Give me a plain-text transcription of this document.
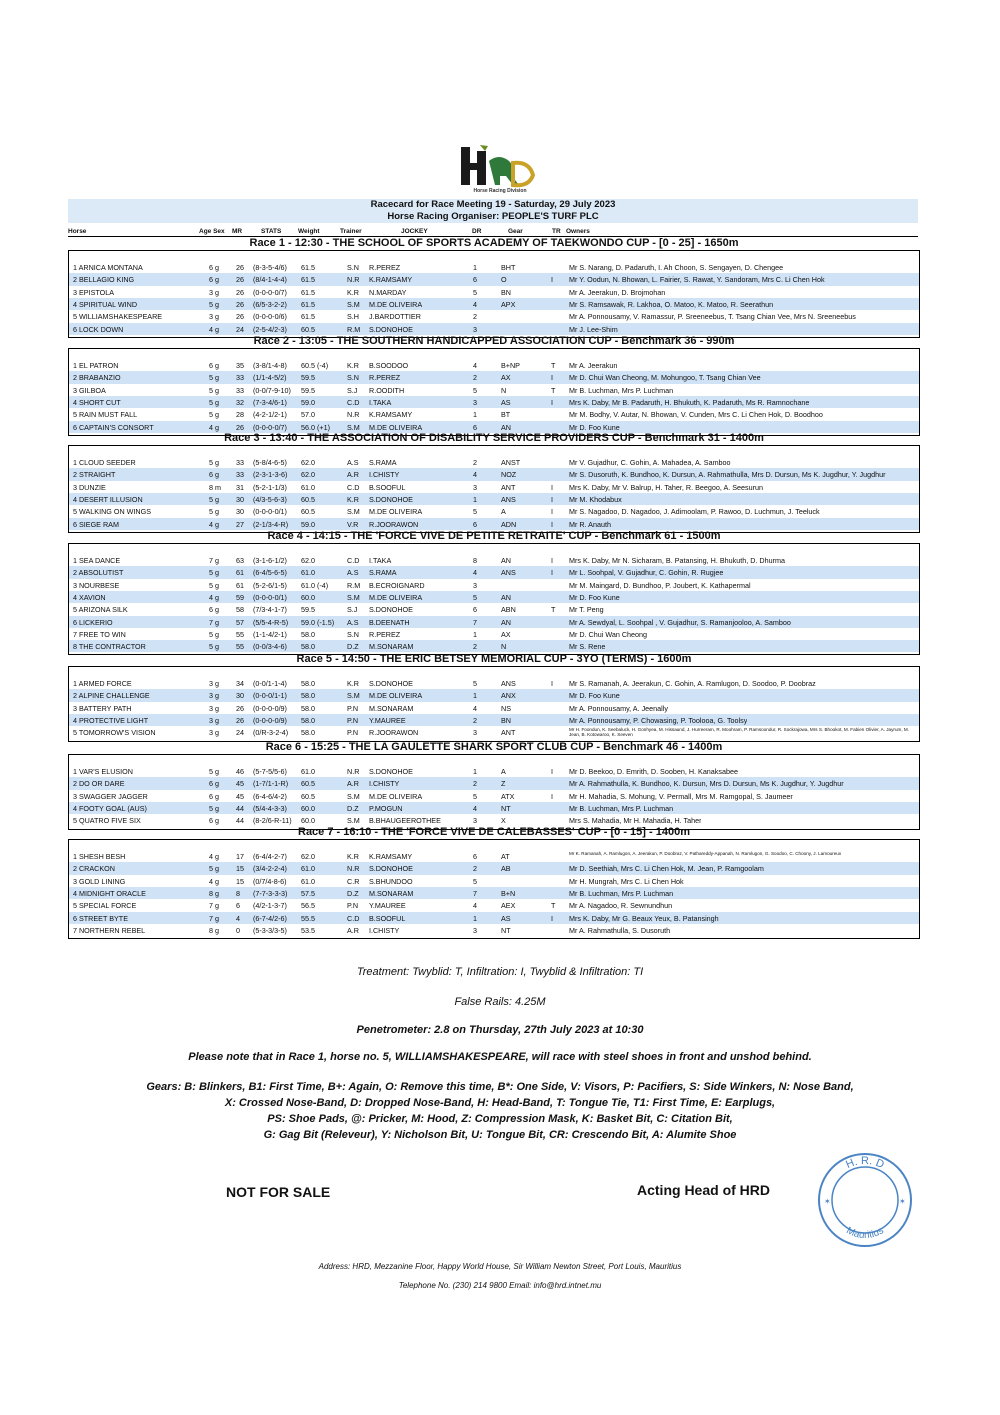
Horse Racing Division
Racecard for Race Meeting 19 - Saturday, 29 July 2023
Horse Racing Organiser: PEOPLE'S TURF PLC
Horse	Age Sex MR	STATS	Weight	Trainer	JOCKEY	DR	Gear	TR Owners
Race 1 - 12:30 - THE SCHOOL OF SPORTS ACADEMY OF TAEKWONDO CUP - [0 - 25] - 1650m
1 ARNICA MONTANA	6 g 26 (8-3-5-4/6) 61.5	S.N R.PEREZ	1	BHT	Mr S. Narang, D. Padaruth, I. Ah Choon, S. Sengayen, D. Chengee
2 BELLAGIO KING	6 g 26 (8/4-1-4-4) 61.5	N.R K.RAMSAMY	6	O	I Mr Y. Oodun, N. Bhowan, L. Fairier, S. Rawat, Y. Sandoram, Mrs C. Li Chen Hok
3 EPISTOLA	3 g 26 (0-0-0-0/7) 61.5	K.R N.MARDAY	5	BN	Mr A. Jeerakun, D. Brojmohan
4 SPIRITUAL WIND	5 g 26 (6/5-3-2-2) 61.5	S.M M.DE OLIVEIRA	4	APX	Mr S. Ramsawak, R. Lakhoa, O. Matoo, K. Matoo, R. Seerathun
5 WILLIAMSHAKESPEARE	3 g 26 (0-0-0-0/6) 61.5	S.H J.BARDOTTIER	2	Mr A. Ponnousamy, V. Ramassur, P. Sreeneebus, T. Tsang Chian Vee, Mrs N. Sreeneebus
6 LOCK DOWN	4 g 24 (2-5-4/2-3) 60.5	R.M S.DONOHOE	3	Mr J. Lee-Shim
Race 2 - 13:05 - THE SOUTHERN HANDICAPPED ASSOCIATION CUP - Benchmark 36 - 990m
1 EL PATRON	6 g 35 (3-8/1-4-8) 60.5 (-4)	K.R B.SOODOO	4	B+NP	T Mr A. Jeerakun
2 BRABANZIO	5 g 33 (1/1-4-5/2) 59.5	S.N R.PEREZ	2	AX	I Mr D. Chui Wan Cheong, M. Mohungoo, T. Tsang Chian Vee
3 GILBOA	5 g 33 (0-0/7-9-10) 59.5	S.J R.OODITH	5	N	T Mr B. Luchman, Mrs P. Luchman
4 SHORT CUT	5 g 32 (7-3-4/6-1) 59.0	C.D I.TAKA	3	AS	I Mrs K. Daby, Mr B. Padaruth, H. Bhukuth, K. Padaruth, Ms R. Ramnochane
5 RAIN MUST FALL	5 g 28 (4-2-1/2-1) 57.0	N.R K.RAMSAMY	1	BT	Mr M. Bodhy, V. Autar, N. Bhowan, V. Cunden, Mrs C. Li Chen Hok, D. Boodhoo
6 CAPTAIN'S CONSORT	4 g 26 (0-0-0-0/7) 56.0 (+1) S.M M.DE OLIVEIRA	6	AN	Mr D. Foo Kune
Race 3 - 13:40 - THE ASSOCIATION OF DISABILITY SERVICE PROVIDERS CUP - Benchmark 31 - 1400m
1 CLOUD SEEDER	5 g 33 (5-8/4-6-5) 62.0	A.S S.RAMA	2	ANST	Mr V. Gujadhur, C. Gohin, A. Mahadea, A. Samboo
2 STRAIGHT	6 g 33 (2-3-1-3-6) 62.0	A.R I.CHISTY	4	NOZ	Mr S. Dusoruth, K. Bundhoo, K. Dursun, A. Rahmathulla, Mrs D. Dursun, Ms K. Jugdhur, Y. Jugdhur
3 DUNZIE	8 m 31 (5-2-1-1/3) 61.0	C.D B.SOOFUL	3	ANT	I Mrs K. Daby, Mr V. Balrup, H. Taher, R. Beegoo, A. Seesurun
4 DESERT ILLUSION	5 g 30 (4/3-5-6-3) 60.5	K.R S.DONOHOE	1	ANS	I Mr M. Khodabux
5 WALKING ON WINGS	5 g 30 (0-0-0-0/1) 60.5	S.M M.DE OLIVEIRA	5	A	I Mr S. Nagadoo, D. Nagadoo, J. Adimoolam, P. Rawoo, D. Luchmun, J. Teeluck
6 SIEGE RAM	4 g 27 (2-1/3-4-R) 59.0	V.R R.JOORAWON	6	ADN	I Mr R. Anauth
Race 4 - 14:15 - THE 'FORCE VIVE DE PETITE RETRAITE' CUP - Benchmark 61 - 1500m
1 SEA DANCE	7 g 63 (3-1-6-1/2) 62.0	C.D I.TAKA	8	AN	I Mrs K. Daby, Mr N. Sicharam, B. Patansing, H. Bhukuth, D. Dhurma
2 ABSOLUTIST	5 g 61 (6-4/5-6-5) 61.0	A.S S.RAMA	4	ANS	I Mr L. Soohpal, V. Gujadhur, C. Gohin, R. Rugjee
3 NOURBESE	5 g 61 (5-2-6/1-5) 61.0 (-4)	R.M B.ECROIGNARD	3	Mr M. Maingard, D. Bundhoo, P. Joubert, K. Kathapermal
4 XAVION	4 g 59 (0-0-0-0/1) 60.0	S.M M.DE OLIVEIRA	5	AN	Mr D. Foo Kune
5 ARIZONA SILK	6 g 58 (7/3-4-1-7) 59.5	S.J S.DONOHOE	6	ABN	T Mr T. Peng
6 LICKERIO	7 g 57 (5/5-4-R-5) 59.0 (-1.5) A.S B.DEENATH	7	AN	Mr A. Sewdyal, L. Soohpal , V. Gujadhur, S. Ramanjooloo, A. Samboo
7 FREE TO WIN	5 g 55 (1-1-4/2-1) 58.0	S.N R.PEREZ	1	AX	Mr D. Chui Wan Cheong
8 THE CONTRACTOR	5 g 55 (0-0/3-4-6) 58.0	D.Z M.SONARAM	2	N	Mr S. Rene
Race 5 - 14:50 - THE ERIC BETSEY MEMORIAL CUP - 3YO (TERMS) - 1600m
1 ARMED FORCE	3 g 34 (0-0/1-1-4) 58.0	K.R S.DONOHOE	5	ANS	I Mr S. Ramanah, A. Jeerakun, C. Gohin, A. Ramlugon, D. Soodoo, P. Doobraz
2 ALPINE CHALLENGE	3 g 30 (0-0-0/1-1) 58.0	S.M M.DE OLIVEIRA	1	ANX	Mr D. Foo Kune
3 BATTERY PATH	3 g 26 (0-0-0-0/9) 58.0	P.N M.SONARAM	4	NS	Mr A. Ponnousamy, A. Jeenally
4 PROTECTIVE LIGHT	3 g 26 (0-0-0-0/9) 58.0	P.N Y.MAUREE	2	BN	Mr A. Ponnousamy, P. Chowasing, P. Toolooa, G. Toolsy
5 TOMORROW'S VISION	3 g 24 (0/R-3-2-4) 58.0	P.N R.JOORAWON	3	ANT	Mr H. Foondun, K. Seebaluck, H. Gonhyea, M. Hissaund, J. Hurreeram, R. Moohram, P. Ramsoondur, R. Sockrajowa, Mrs S. Bhookot, M. Fabien Olivier, A. Jayrum, M. Jean, B. Kotowaroo, K. Seeven
Race 6 - 15:25 - THE LA GAULETTE SHARK SPORT CLUB CUP - Benchmark 46 - 1400m
1 VAR'S ELUSION	5 g 46 (5-7-5/5-6) 61.0	N.R S.DONOHOE	1	A	I Mr D. Beekoo, D. Emrith, D. Sooben, H. Kanaksabee
2 DO OR DARE	6 g 45 (1-7/1-1-R) 60.5	A.R I.CHISTY	2	Z	Mr A. Rahmathulla, K. Bundhoo, K. Dursun, Mrs D. Dursun, Ms K. Jugdhur, Y. Jugdhur
3 SWAGGER JAGGER	6 g 45 (6-4-6/4-2) 60.5	S.M M.DE OLIVEIRA	5	ATX	I Mr H. Mahadia, S. Mohung, V. Permall, Mrs M. Ramgopal, S. Jaumeer
4 FOOTY GOAL (AUS)	5 g 44 (5/4-4-3-3) 60.0	D.Z P.MOGUN	4	NT	Mr B. Luchman, Mrs P. Luchman
5 QUATRO FIVE SIX	6 g 44 (8-2/6-R-11) 60.0	S.M B.BHAUGEEROTHEE	3	X	Mrs S. Mahadia, Mr H. Mahadia, H. Taher
Race 7 - 16:10 - THE 'FORCE VIVE DE CALEBASSES' CUP - [0 - 15] - 1400m
1 SHESH BESH	4 g 17 (6-4/4-2-7) 62.0	K.R K.RAMSAMY	6	AT	Mr K. Ramanah, A. Ramlugon, A. Jeerakun, P. Doobraz, V. Pathareddy-Appanah, N. Ramlugon, G. Soodoo, C. Choony, J. Lamoureux
2 CRACKON	5 g 15 (3/4-2-2-4) 61.0	N.R S.DONOHOE	2	AB	Mr D. Seethiah, Mrs C. Li Chen Hok, M. Jean, P. Ramgoolam
3 GOLD LINING	4 g 15 (0/7/4-8-6) 61.0	C.R S.BHUNDOO	5	Mr H. Mungrah, Mrs C. Li Chen Hok
4 MIDNIGHT ORACLE	8 g 8 (7-7-3-3-3) 57.5	D.Z M.SONARAM	7	B+N	Mr B. Luchman, Mrs P. Luchman
5 SPECIAL FORCE	7 g 6 (4/2-1-3-7) 56.5	P.N Y.MAUREE	4	AEX	T Mr A. Nagadoo, R. Sewnundhun
6 STREET BYTE	7 g 4 (6-7-4/2-6) 55.5	C.D B.SOOFUL	1	AS	I Mrs K. Daby, Mr G. Beaux Yeux, B. Patansingh
7 NORTHERN REBEL	8 g 0 (5-3-3/3-5) 53.5	A.R I.CHISTY	3	NT	Mr A. Rahmathulla, S. Dusoruth
Treatment: Twyblid: T, Infiltration: I, Twyblid & Infiltration: TI
False Rails: 4.25M
Penetrometer: 2.8 on Thursday, 27th July 2023 at 10:30
Please note that in Race 1, horse no. 5, WILLIAMSHAKESPEARE, will race with steel shoes in front and unshod behind.
Gears: B: Blinkers, B1: First Time, B+: Again, O: Remove this time, B*: One Side, V: Visors, P: Pacifiers, S: Side Winkers, N: Nose Band,
X: Crossed Nose-Band, D: Dropped Nose-Band, H: Head-Band, T: Tongue Tie, T1: First Time, E: Earplugs,
PS: Shoe Pads, @: Pricker, M: Hood, Z: Compression Mask, K: Basket Bit, C: Citation Bit,
G: Gag Bit (Releveur), Y: Nicholson Bit, U: Tongue Bit, CR: Crescendo Bit, A: Alumite Shoe
NOT FOR SALE	Acting Head of HRD
H. R. D
Mauritius
✶	✶
Address: HRD, Mezzanine Floor, Happy World House, Sir William Newton Street, Port Louis, Mauritius
Telephone No. (230) 214 9800 Email: info@hrd.intnet.mu
